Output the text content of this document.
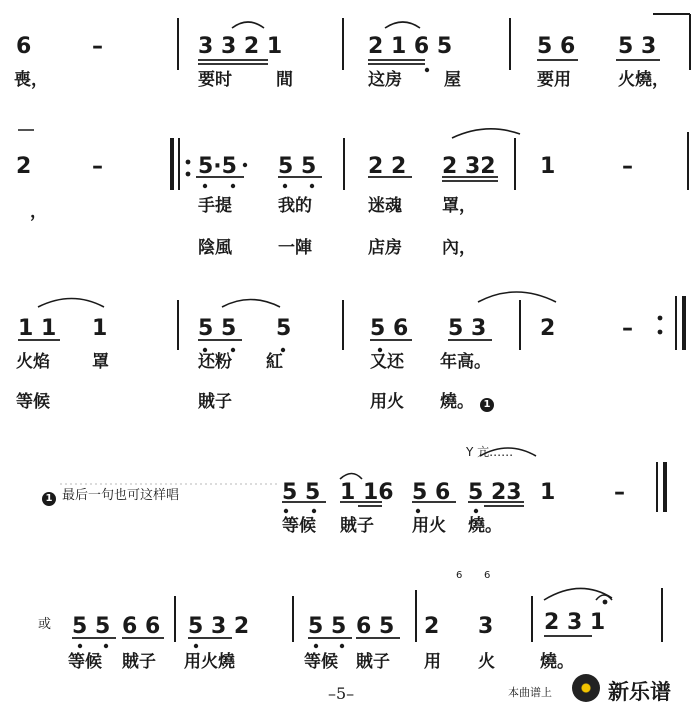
6 6
6	–	3 3 2 1	2 1 6 5	5 6 5 3
喪，	要时	間	这房 屋	要用	火燒，
2	–	5·5 5 5 2 2 2 32 1	–
，	手提	我的	迷魂 罩，
陰風	一陣	店房 內，
1 1 1	5 5 5	5 6 5 3 2	–
火焰 罩	还粉 紅	又还 年高。
等候	賊子	用火 燒。 1
Y 亢……
1 最后一句也可这样唱	5 5 1 16 5 6 5 23 1	–
等候 賊子 用火 燒。
或 5 5 6 6 5 3 2	5 5 6 5 2 3 2 3 1
等候 賊子 用火燒	等候 賊子 用 火	燒。
–5–	本曲谱上	新乐谱
